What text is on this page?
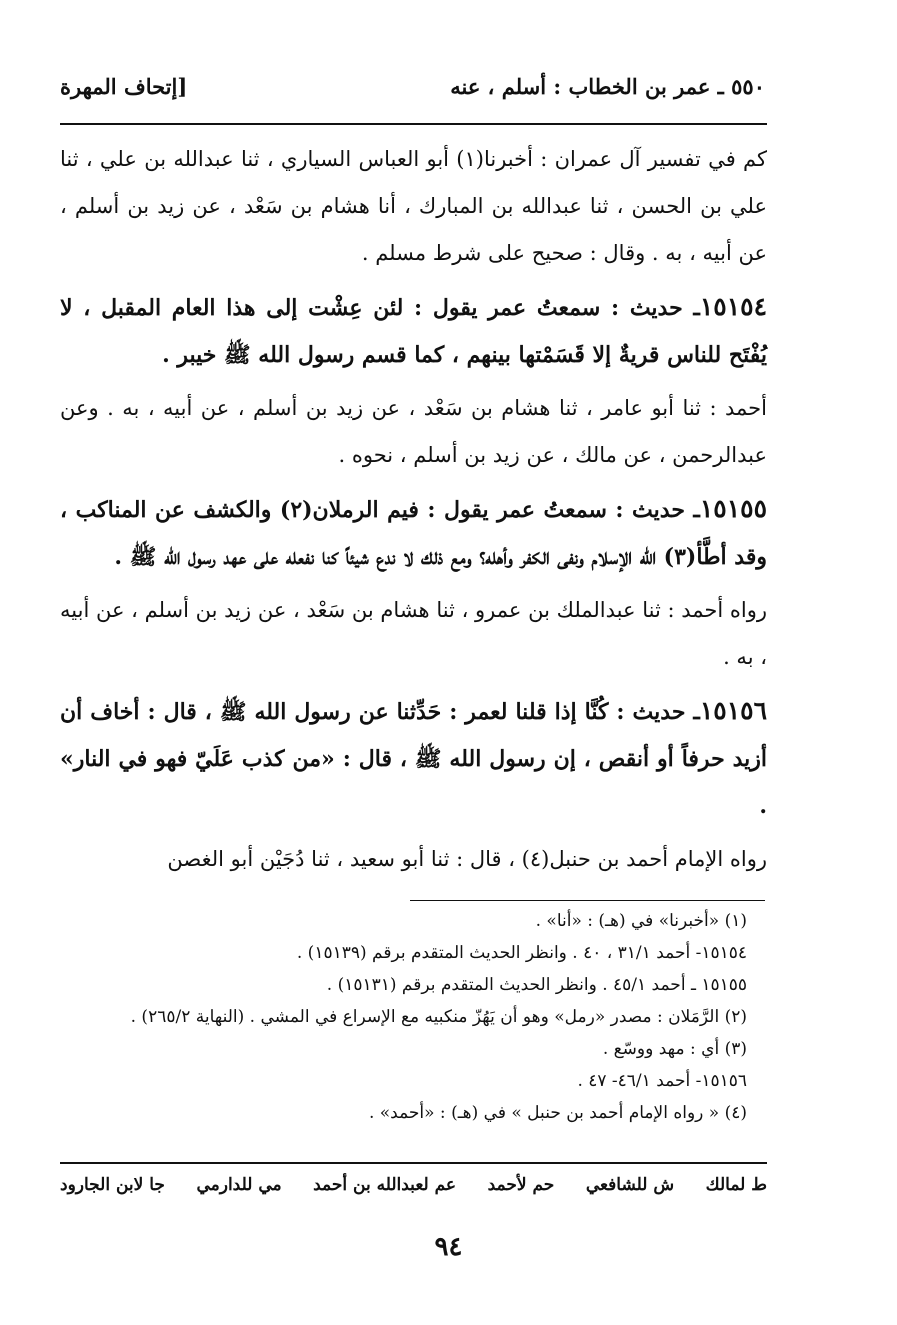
٥٥٠ ـ عمر بن الخطاب : أسلم ، عنه
[إتحاف المهرة

كم في تفسير آل عمران : أخبرنا(١) أبو العباس السياري ، ثنا عبدالله بن علي ، ثنا علي بن الحسن ، ثنا عبدالله بن المبارك ، أنا هشام بن سَعْد ، عن زيد بن أسلم ، عن أبيه ، به . وقال : صحيح على شرط مسلم .

١٥١٥٤ـ حديث : سمعتُ عمر يقول : لئن عِشْت إلى هذا العام المقبل ، لا يُفْتَح للناس قريةٌ إلا قَسَمْتها بينهم ، كما قسم رسول الله ﷺ خيبر .

أحمد : ثنا أبو عامر ، ثنا هشام بن سَعْد ، عن زيد بن أسلم ، عن أبيه ، به . وعن عبدالرحمن ، عن مالك ، عن زيد بن أسلم ، نحوه .

١٥١٥٥ـ حديث : سمعتُ عمر يقول : فيم الرملان(٢) والكشف عن المناكب ، وقد أطَّأ(٣) الله الإسلام ونفى الكفر وأهله؟ ومع ذلك لا ندع شيئاً كنا نفعله على عهد رسول الله ﷺ .

رواه أحمد : ثنا عبدالملك بن عمرو ، ثنا هشام بن سَعْد ، عن زيد بن أسلم ، عن أبيه ، به .

١٥١٥٦ـ حديث : كُنَّا إذا قلنا لعمر : حَدِّثنا عن رسول الله ﷺ ، قال : أخاف أن أزيد حرفاً أو أنقص ، إن رسول الله ﷺ ، قال : «من كذب عَلَيّ فهو في النار» .

رواه الإمام أحمد بن حنبل(٤) ، قال : ثنا أبو سعيد ، ثنا دُجَيْن أبو الغصن

(١) «أخبرنا» في (هـ) : «أنا» .

١٥١٥٤- أحمد ٣١/١ ، ٤٠ . وانظر الحديث المتقدم برقم (١٥١٣٩) .

١٥١٥٥ ـ أحمد ٤٥/١ . وانظر الحديث المتقدم برقم (١٥١٣١) .

(٢) الرَّمَلان : مصدر «رمل» وهو أن يَهُزّ منكبيه مع الإسراع في المشي . (النهاية ٢٦٥/٢) .

(٣) أي : مهد ووسّع .

١٥١٥٦- أحمد ٤٦/١- ٤٧ .

(٤) « رواه الإمام أحمد بن حنبل » في (هـ) : «أحمد» .

ط لمالك
ش للشافعي
حم لأحمد
عم لعبدالله بن أحمد
مي للدارمي
جا لابن الجارود
٩٤
